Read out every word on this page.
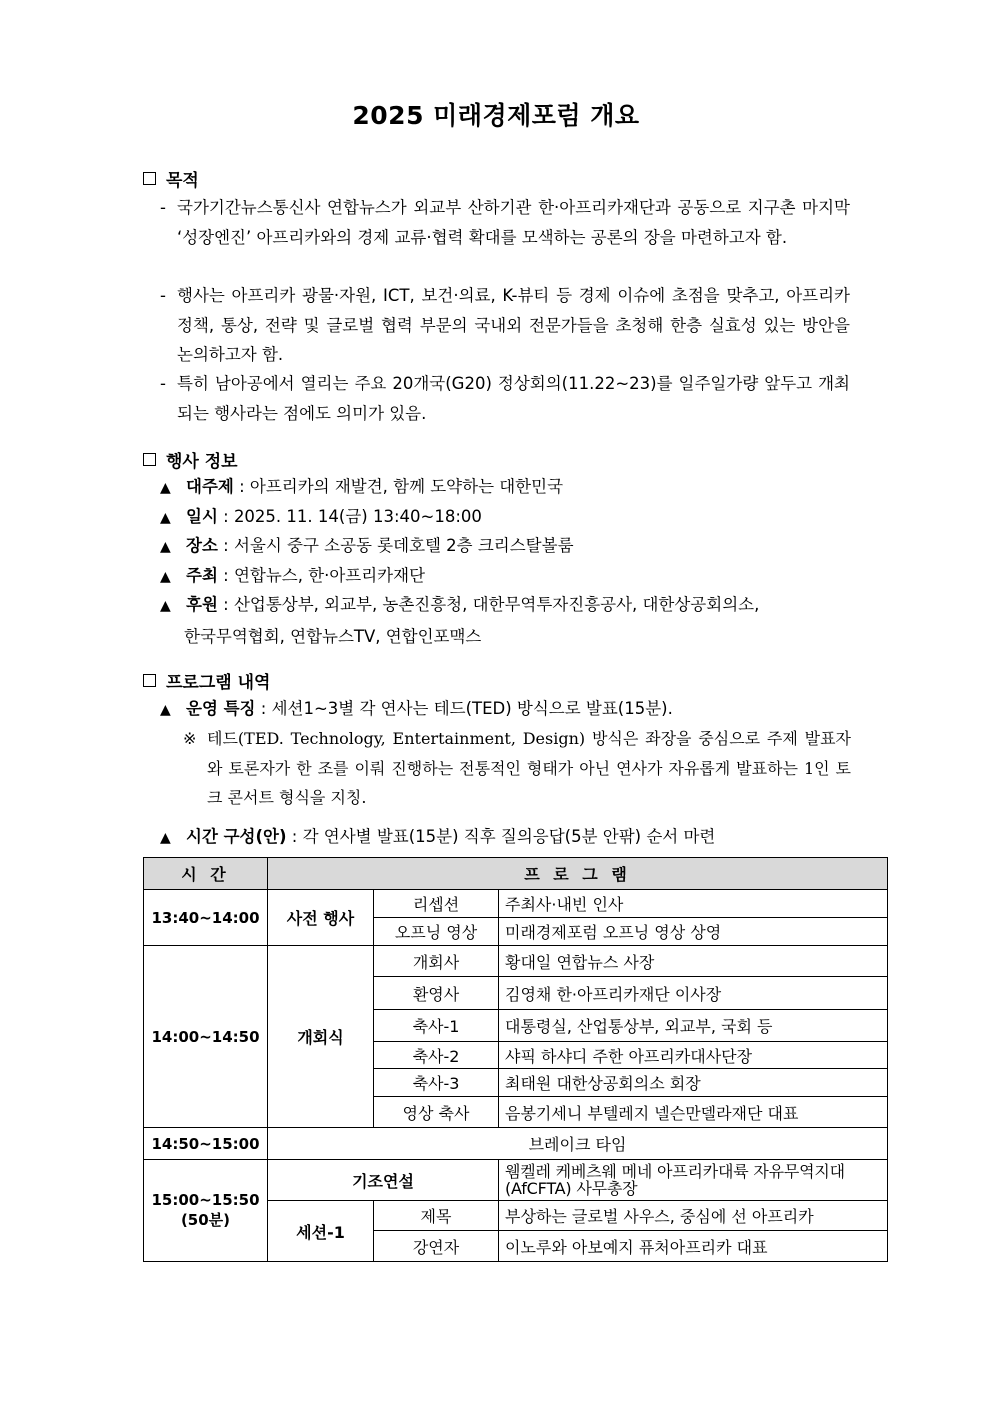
2025 미래경제포럼 개요
목적
- 국가기간뉴스통신사 연합뉴스가 외교부 산하기관 한·아프리카재단과 공동으로 지구촌 마지막 ‘성장엔진’ 아프리카와의 경제 교류·협력 확대를 모색하는 공론의 장을 마련하고자 함.
- 행사는 아프리카 광물·자원, ICT, 보건·의료, K-뷰티 등 경제 이슈에 초점을 맞추고, 아프리카 정책, 통상, 전략 및 글로벌 협력 부문의 국내외 전문가들을 초청해 한층 실효성 있는 방안을 논의하고자 함.
- 특히 남아공에서 열리는 주요 20개국(G20) 정상회의(11.22~23)를 일주일가량 앞두고 개최되는 행사라는 점에도 의미가 있음.
행사 정보
▲ 대주제 : 아프리카의 재발견, 함께 도약하는 대한민국
▲ 일시 : 2025. 11. 14(금) 13:40~18:00
▲ 장소 : 서울시 중구 소공동 롯데호텔 2층 크리스탈볼룸
▲ 주최 : 연합뉴스, 한·아프리카재단
▲ 후원 : 산업통상부, 외교부, 농촌진흥청, 대한무역투자진흥공사, 대한상공회의소,
한국무역협회, 연합뉴스TV, 연합인포맥스
프로그램 내역
▲ 운영 특징 : 세션1~3별 각 연사는 테드(TED) 방식으로 발표(15분).
※ 테드(TED. Technology, Entertainment, Design) 방식은 좌장을 중심으로 주제 발표자와 토론자가 한 조를 이뤄 진행하는 전통적인 형태가 아닌 연사가 자유롭게 발표하는 1인 토크 콘서트 형식을 지칭.
▲ 시간 구성(안) : 각 연사별 발표(15분) 직후 질의응답(5분 안팎) 순서 마련
시 간	프 로 그 램		
13:40~14:00	사전 행사	리셉션	주최사·내빈 인사
		오프닝 영상	미래경제포럼 오프닝 영상 상영
14:00~14:50	개회식	개회사	황대일 연합뉴스 사장
		환영사	김영채 한·아프리카재단 이사장
		축사-1	대통령실, 산업통상부, 외교부, 국회 등
		축사-2	샤픽 하샤디 주한 아프리카대사단장
		축사-3	최태원 대한상공회의소 회장
		영상 축사	음봉기세니 부텔레지 넬슨만델라재단 대표
14:50~15:00	브레이크 타임		

15:00~15:50
(50분)	기조연설		웸켈레 케베츠웨 메네 아프리카대륙 자유무역지대(AfCFTA) 사무총장
	세션-1	제목	부상하는 글로벌 사우스, 중심에 선 아프리카
		강연자	이노루와 아보예지 퓨처아프리카 대표
